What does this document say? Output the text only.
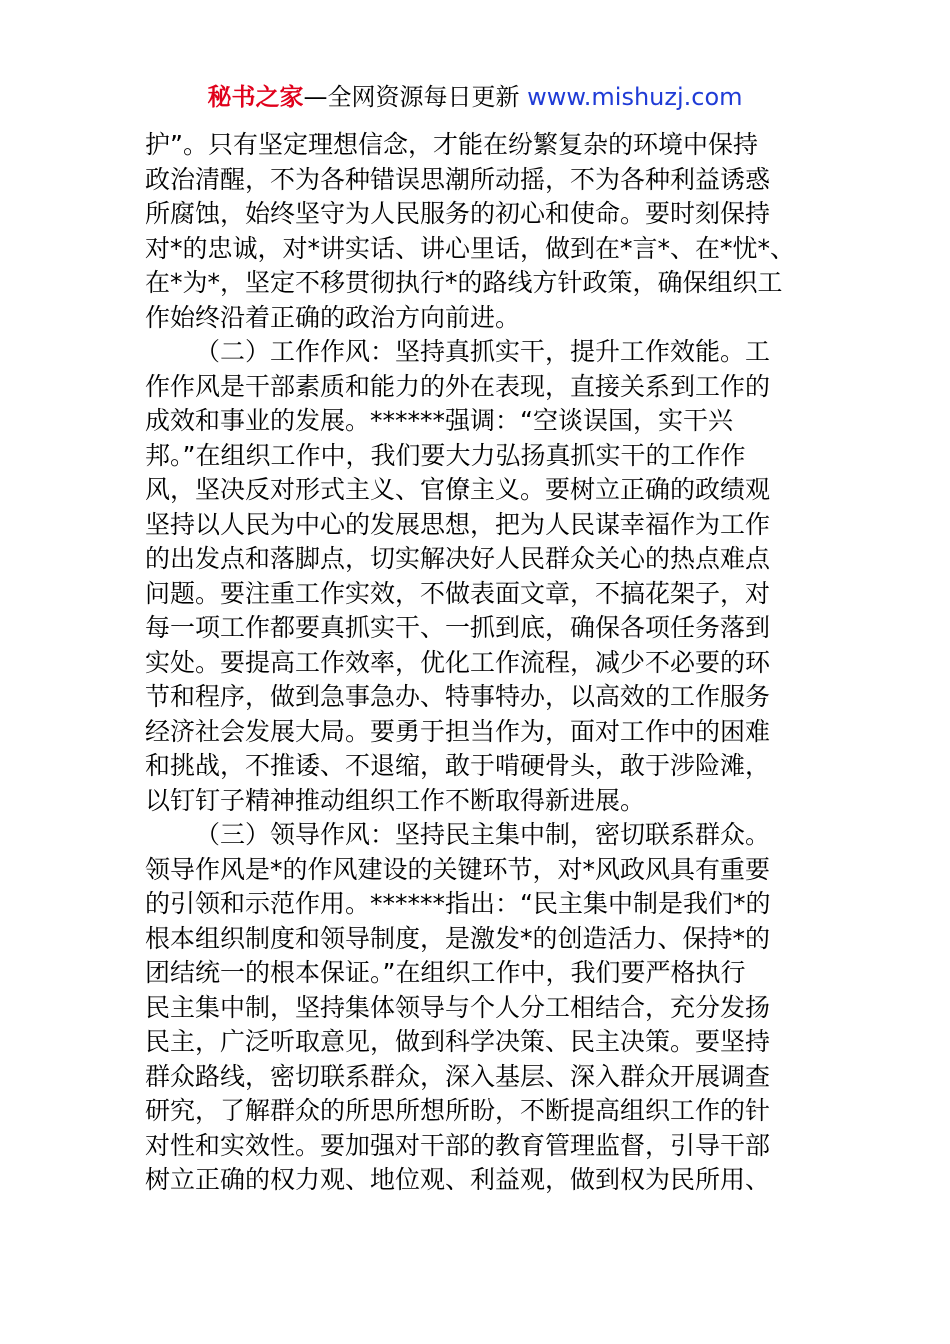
秘书之家—全网资源每日更新 www.mishuzj.com
护”。只有坚定理想信念，才能在纷繁复杂的环境中保持
政治清醒，不为各种错误思潮所动摇，不为各种利益诱惑
所腐蚀，始终坚守为人民服务的初心和使命。要时刻保持
对*的忠诚，对*讲实话、讲心里话，做到在*言*、在*忧*、
在*为*，坚定不移贯彻执行*的路线方针政策，确保组织工
作始终沿着正确的政治方向前进。
（二）工作作风：坚持真抓实干，提升工作效能。工
作作风是干部素质和能力的外在表现，直接关系到工作的
成效和事业的发展。******强调：“空谈误国，实干兴
邦。”在组织工作中，我们要大力弘扬真抓实干的工作作
风，坚决反对形式主义、官僚主义。要树立正确的政绩观
坚持以人民为中心的发展思想，把为人民谋幸福作为工作
的出发点和落脚点，切实解决好人民群众关心的热点难点
问题。要注重工作实效，不做表面文章，不搞花架子，对
每一项工作都要真抓实干、一抓到底，确保各项任务落到
实处。要提高工作效率，优化工作流程，减少不必要的环
节和程序，做到急事急办、特事特办，以高效的工作服务
经济社会发展大局。要勇于担当作为，面对工作中的困难
和挑战，不推诿、不退缩，敢于啃硬骨头，敢于涉险滩，
以钉钉子精神推动组织工作不断取得新进展。
（三）领导作风：坚持民主集中制，密切联系群众。
领导作风是*的作风建设的关键环节，对*风政风具有重要
的引领和示范作用。******指出：“民主集中制是我们*的
根本组织制度和领导制度，是激发*的创造活力、保持*的
团结统一的根本保证。”在组织工作中，我们要严格执行
民主集中制，坚持集体领导与个人分工相结合，充分发扬
民主，广泛听取意见，做到科学决策、民主决策。要坚持
群众路线，密切联系群众，深入基层、深入群众开展调查
研究，了解群众的所思所想所盼，不断提高组织工作的针
对性和实效性。要加强对干部的教育管理监督，引导干部
树立正确的权力观、地位观、利益观，做到权为民所用、
